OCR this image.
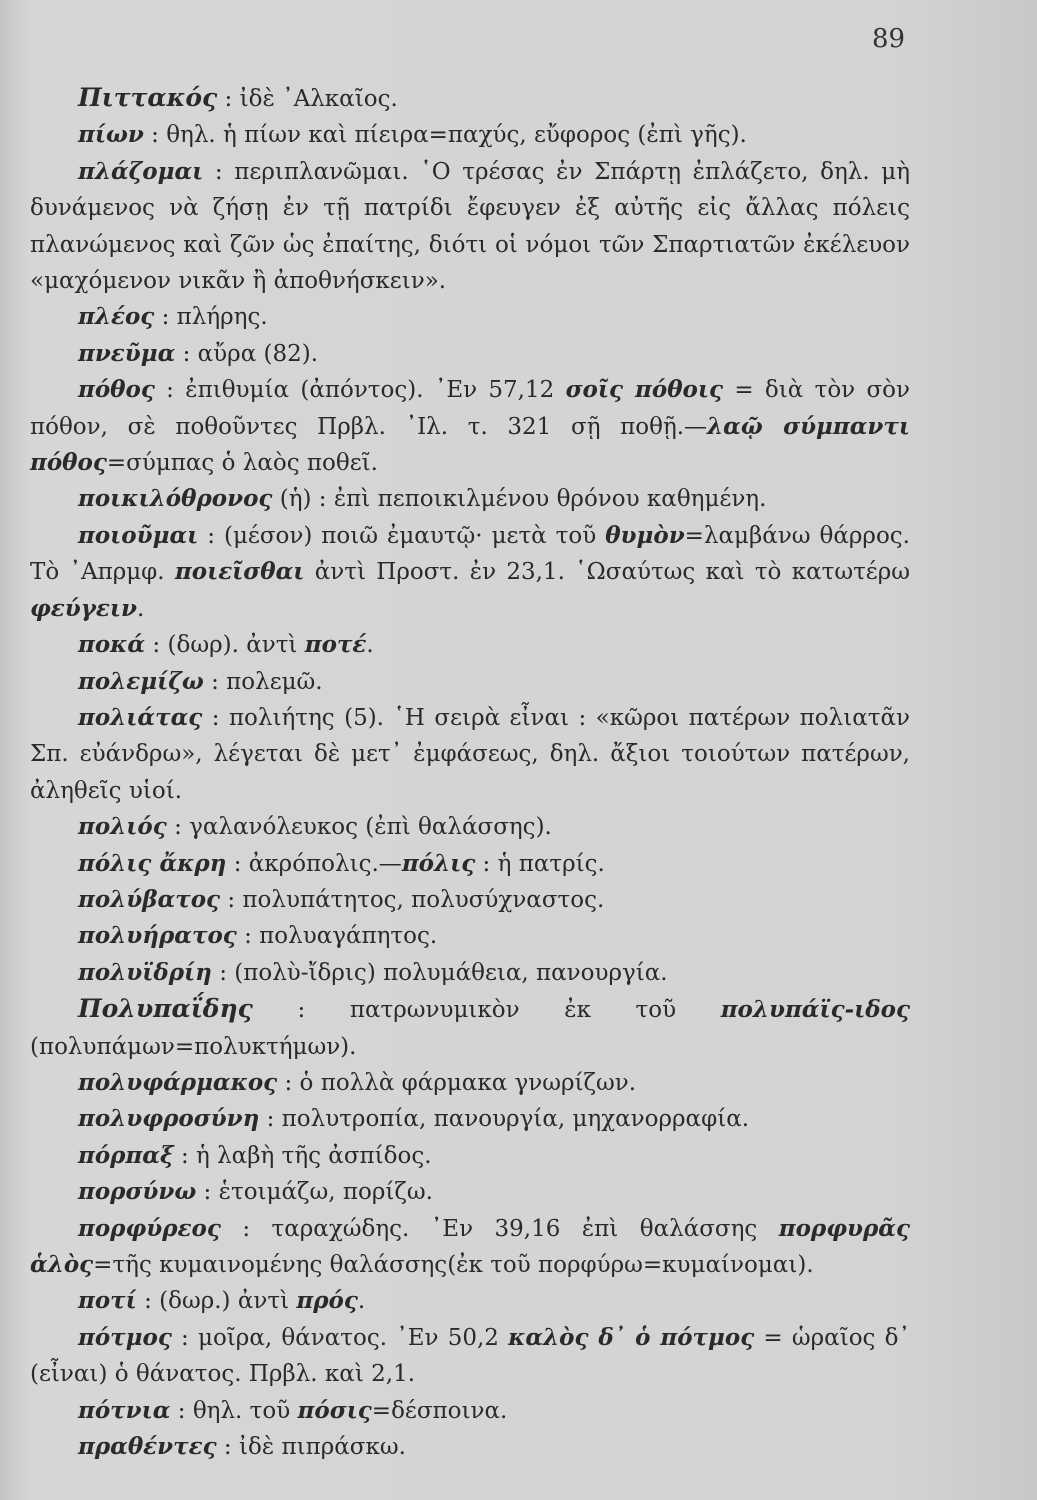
89

Πιττακός : ἰδὲ ᾿Αλκαῖος.

πίων : θηλ. ἡ πίων καὶ πίειρα=παχύς, εὔφορος (ἐπὶ γῆς).

πλάζομαι : περιπλανῶμαι. ῾Ο τρέσας ἐν Σπάρτῃ ἐπλάζετο, δηλ. μὴ δυνάμενος νὰ ζήσῃ ἐν τῇ πατρίδι ἔφευγεν ἐξ αὐτῆς εἰς ἄλλας πόλεις πλανώμενος καὶ ζῶν ὡς ἐπαίτης, διότι οἱ νόμοι τῶν Σπαρτιατῶν ἐκέλευον «μαχόμενον νικᾶν ἢ ἀποθνήσκειν».

πλέος : πλήρης.

πνεῦμα : αὔρα (82).

πόθος : ἐπιθυμία (ἀπόντος). ᾿Εν 57,12 σοῖς πόθοις = διὰ τὸν σὸν πόθον, σὲ ποθοῦντες Πρβλ. ᾿Ιλ. τ. 321 σῇ ποθῇ.—λαῷ σύμπαντι πόθος=σύμπας ὁ λαὸς ποθεῖ.

ποικιλόθρονος (ἡ) : ἐπὶ πεποικιλμένου θρόνου καθημένη.

ποιοῦμαι : (μέσον) ποιῶ ἐμαυτῷ· μετὰ τοῦ θυμὸν=λαμβάνω θάρρος. Τὸ ᾿Απρμφ. ποιεῖσθαι ἀντὶ Προστ. ἐν 23,1. ῾Ωσαύτως καὶ τὸ κατωτέρω φεύγειν.

ποκά : (δωρ). ἀντὶ ποτέ.

πολεμίζω : πολεμῶ.

πολιάτας : πολιήτης (5). ῾Η σειρὰ εἶναι : «κῶροι πατέρων πολιατᾶν Σπ. εὐάνδρω», λέγεται δὲ μετ᾿ ἐμφάσεως, δηλ. ἄξιοι τοιούτων πατέρων, ἀληθεῖς υἱοί.

πολιός : γαλανόλευκος (ἐπὶ θαλάσσης).

πόλις ἄκρη : ἀκρόπολις.—πόλις : ἡ πατρίς.

πολύβατος : πολυπάτητος, πολυσύχναστος.

πολυήρατος : πολυαγάπητος.

πολυϊδρίη : (πολὺ-ἴδρις) πολυμάθεια, πανουργία.

Πολυπαΐδης : πατρωνυμικὸν ἐκ τοῦ πολυπάϊς-ιδος (πολυπάμων=πολυκτήμων).

πολυφάρμακος : ὁ πολλὰ φάρμακα γνωρίζων.

πολυφροσύνη : πολυτροπία, πανουργία, μηχανορραφία.

πόρπαξ : ἡ λαβὴ τῆς ἀσπίδος.

πορσύνω : ἑτοιμάζω, πορίζω.

πορφύρεος : ταραχώδης. ᾿Εν 39,16 ἐπὶ θαλάσσης πορφυρᾶς ἁλὸς=τῆς κυμαινομένης θαλάσσης(ἐκ τοῦ πορφύρω=κυμαίνομαι).

ποτί : (δωρ.) ἀντὶ πρός.

πότμος : μοῖρα, θάνατος. ᾿Εν 50,2 καλὸς δ᾿ ὁ πότμος = ὡραῖος δ᾿ (εἶναι) ὁ θάνατος. Πρβλ. καὶ 2,1.

πότνια : θηλ. τοῦ πόσις=δέσποινα.

πραθέντες : ἰδὲ πιπράσκω.
